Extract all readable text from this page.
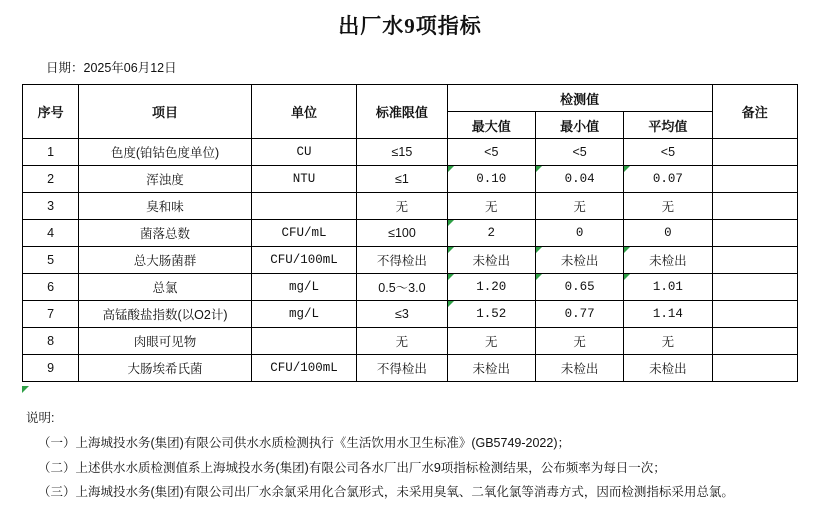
出厂水9项指标
日期：2025年06月12日
序号	项目	单位	标准限值	检测值			备注
				最大值	最小值	平均值	
1	色度(铂钴色度单位)	CU	≤15	<5	<5	<5	
2	浑浊度	NTU	≤1	0.10	0.04	0.07	
3	臭和味		无	无	无	无	
4	菌落总数	CFU/mL	≤100	2	0	0	
5	总大肠菌群	CFU/100mL	不得检出	未检出	未检出	未检出	
6	总氯	mg/L	0.5～3.0	1.20	0.65	1.01	
7	高锰酸盐指数(以O2计)	mg/L	≤3	1.52	0.77	1.14	
8	肉眼可见物		无	无	无	无	
9	大肠埃希氏菌	CFU/100mL	不得检出	未检出	未检出	未检出	
说明:
（一）上海城投水务(集团)有限公司供水水质检测执行《生活饮用水卫生标准》(GB5749-2022)；
（二）上述供水水质检测值系上海城投水务(集团)有限公司各水厂出厂水9项指标检测结果，公布频率为每日一次；
（三）上海城投水务(集团)有限公司出厂水余氯采用化合氯形式，未采用臭氧、二氧化氯等消毒方式，因而检测指标采用总氯。
